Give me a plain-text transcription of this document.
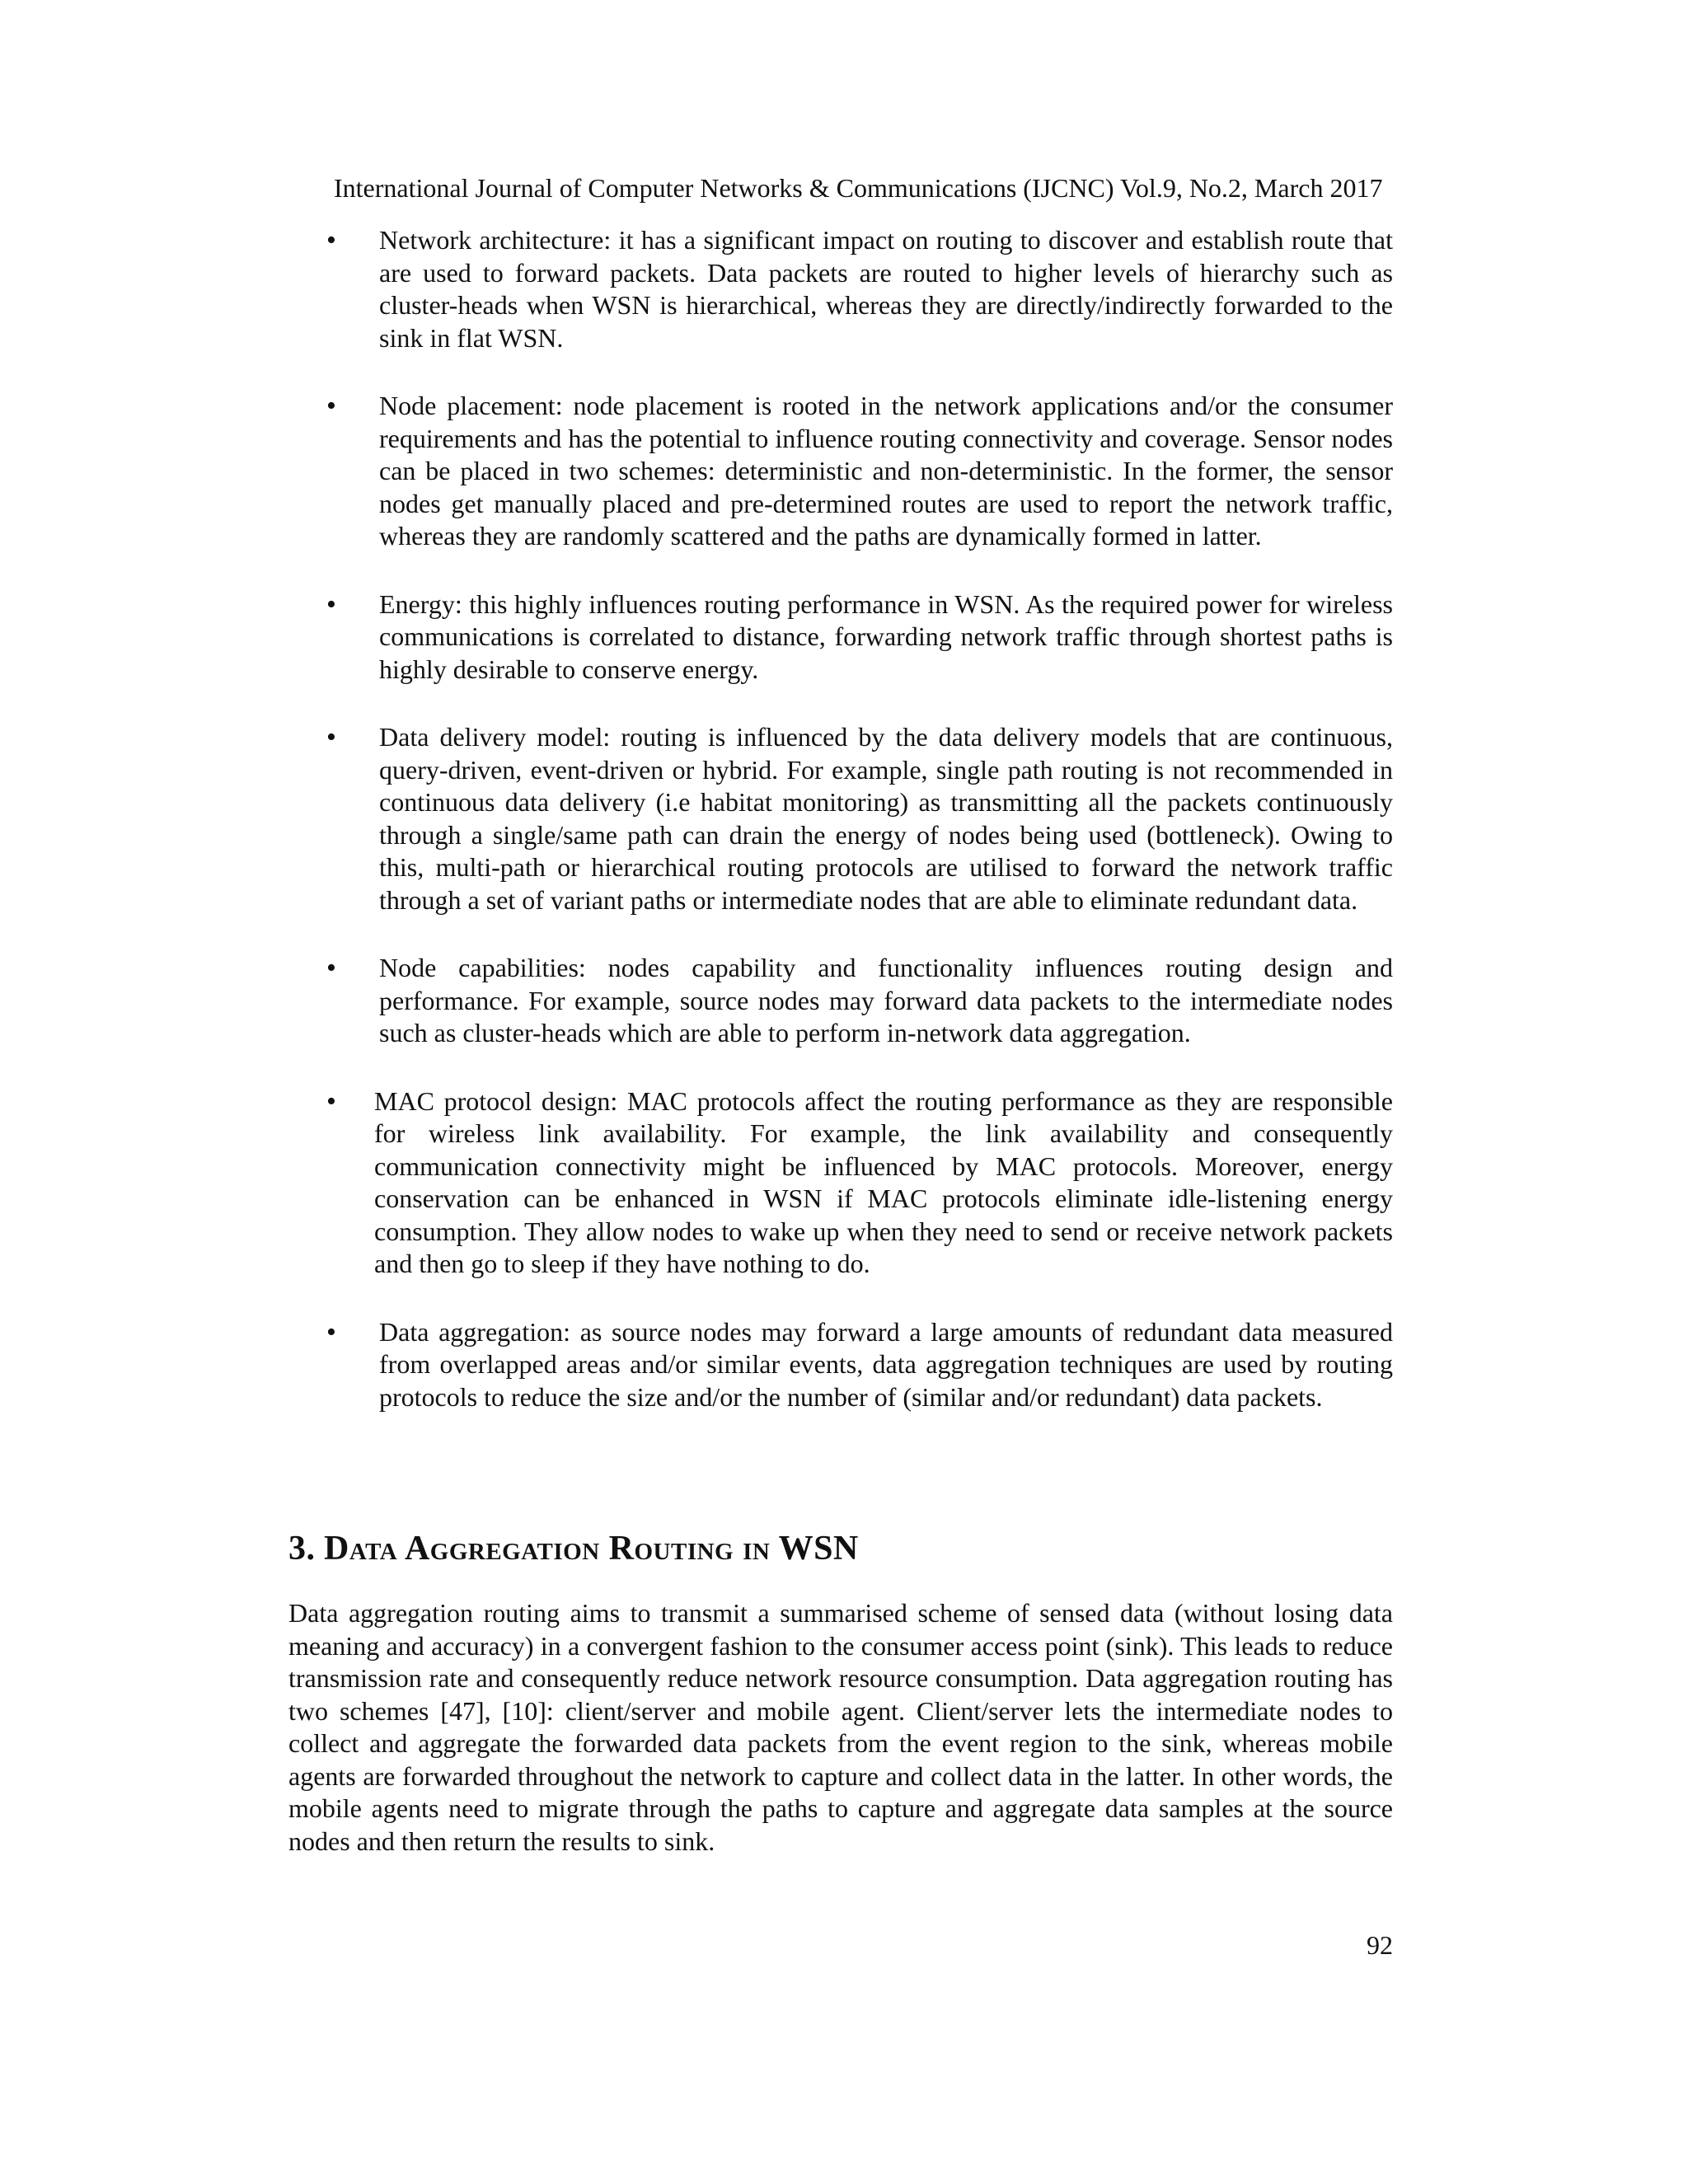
International Journal of Computer Networks & Communications (IJCNC) Vol.9, No.2, March 2017
•	Network architecture: it has a significant impact on routing to discover and establish route that are used to forward packets. Data packets are routed to higher levels of hierarchy such as cluster-heads when WSN is hierarchical, whereas they are directly/indirectly forwarded to the sink in flat WSN.
•	Node placement: node placement is rooted in the network applications and/or the consumer requirements and has the potential to influence routing connectivity and coverage. Sensor nodes can be placed in two schemes: deterministic and non-deterministic. In the former, the sensor nodes get manually placed and pre-determined routes are used to report the network traffic, whereas they are randomly scattered and the paths are dynamically formed in latter.
•	Energy: this highly influences routing performance in WSN. As the required power for wireless communications is correlated to distance, forwarding network traffic through shortest paths is highly desirable to conserve energy.
•	Data delivery model: routing is influenced by the data delivery models that are continuous, query-driven, event-driven or hybrid. For example, single path routing is not recommended in continuous data delivery (i.e habitat monitoring) as transmitting all the packets continuously through a single/same path can drain the energy of nodes being used (bottleneck). Owing to this, multi-path or hierarchical routing protocols are utilised to forward the network traffic through a set of variant paths or intermediate nodes that are able to eliminate redundant data.
•	Node capabilities: nodes capability and functionality influences routing design and performance. For example, source nodes may forward data packets to the intermediate nodes such as cluster-heads which are able to perform in-network data aggregation.
•	MAC protocol design: MAC protocols affect the routing performance as they are responsible for wireless link availability. For example, the link availability and consequently communication connectivity might be influenced by MAC protocols. Moreover, energy conservation can be enhanced in WSN if MAC protocols eliminate idle-listening energy consumption. They allow nodes to wake up when they need to send or receive network packets and then go to sleep if they have nothing to do.
•	Data aggregation: as source nodes may forward a large amounts of redundant data measured from overlapped areas and/or similar events, data aggregation techniques are used by routing protocols to reduce the size and/or the number of (similar and/or redundant) data packets.
3. Data Aggregation Routing in WSN

Data aggregation routing aims to transmit a summarised scheme of sensed data (without losing data meaning and accuracy) in a convergent fashion to the consumer access point (sink). This leads to reduce transmission rate and consequently reduce network resource consumption. Data aggregation routing has two schemes [47], [10]: client/server and mobile agent. Client/server lets the intermediate nodes to collect and aggregate the forwarded data packets from the event region to the sink, whereas mobile agents are forwarded throughout the network to capture and collect data in the latter. In other words, the mobile agents need to migrate through the paths to capture and aggregate data samples at the source nodes and then return the results to sink.

92
